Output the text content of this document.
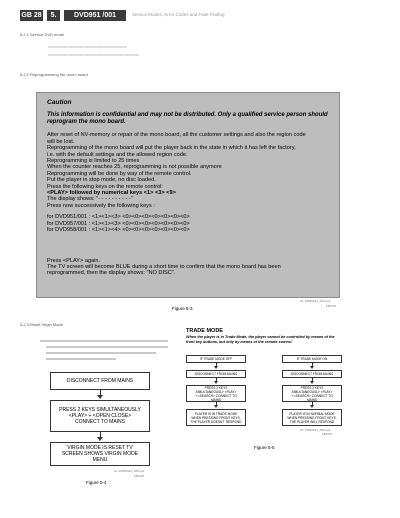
GB 28	5.	DVD951 /001	Service Modes, Error Codes and Fault Finding
5.2.1 Service DVD mode
xxxxxxxxxxxxxxxxxxxxxxxxxxxxxxxxxxxxxxxxxxxxx
xxxxxxxxxxxxxxxxxxxxxxxxxxxxxxxxxxxxxxxxxxxxxxxxxxxx
5.2.2 Reprogramming the mono board
Caution
This information is confidential and may not be distributed. Only a qualified service person should reprogram the mono board.
After reset of NV-memory or repair of the mono board, all the customer settings and also the region code
will be lost.
Reprogramming of the mono board will put the player back in the state in which it has left the factory,
i.e. with the default settings and the allowed region code.
Reprogramming is limited to 25 times
When the counter reaches 25, reprogramming is not possible anymore
Reprogramming will be done by way of the remote control.
Put the player in stop mode, no disc loaded.
Press the following keys on the remote control:
<PLAY> followed by numerical keys <1> <3> <9>
The display shows: "- - - - - - - - - -"
Press now successively the following keys :
for DVD951/001 : <1><1><3> <0><0><0><0><0><0><0>
for DVD957/001 : <1><1><3> <0><0><0><0><0><0><0>
for DVD958/001 : <1><1><4> <0><0><0><0><0><0><0>
Press <PLAY> again.
The TV screen will become BLUE during a short time to confirm that the mono board has been
reprogrammed, then the display shows: "NO DISC".
CL 16532044_004.eps
180700
Figure 5-3
5.2.3 Reset Virgin Mode
DISCONNECT FROM MAINS
PRESS 2 KEYS SIMULTANEOUSLY <PLAY> + <OPEN CLOSE> CONNECT TO MAINS
VIRGIN MODE IS RESET TV SCREEN SHOWS VIRGIN MODE MENU
CL 16532044_005.eps
180700
Figure 5-4
TRADE MODE
When the player is in Trade Mode, the player cannot be controlled by means of the front key buttons, but only by means of the remote control.
IF TRADE MODE OFF
DISCONNECT FROM MAINS
PRESS 2 KEYS SIMULTANEOUSLY <PLAY> + <SEARCH> CONNECT TO MAINS
PLAYER IS IN TRADE MODE WHEN PRESSING FRONT KEYS, THE PLAYER DOESN'T RESPOND
IF TRADE MODE ON
DISCONNECT FROM MAINS
PRESS 2 KEYS SIMULTANEOUSLY <PLAY> + <SEARCH> CONNECT TO MAINS
PLAYER IS IN NORMAL MODE WHEN PRESSING FRONT KEYS, THE PLAYER WILL RESPOND
CL 16532044_006.eps
180700
Figure 5-5
